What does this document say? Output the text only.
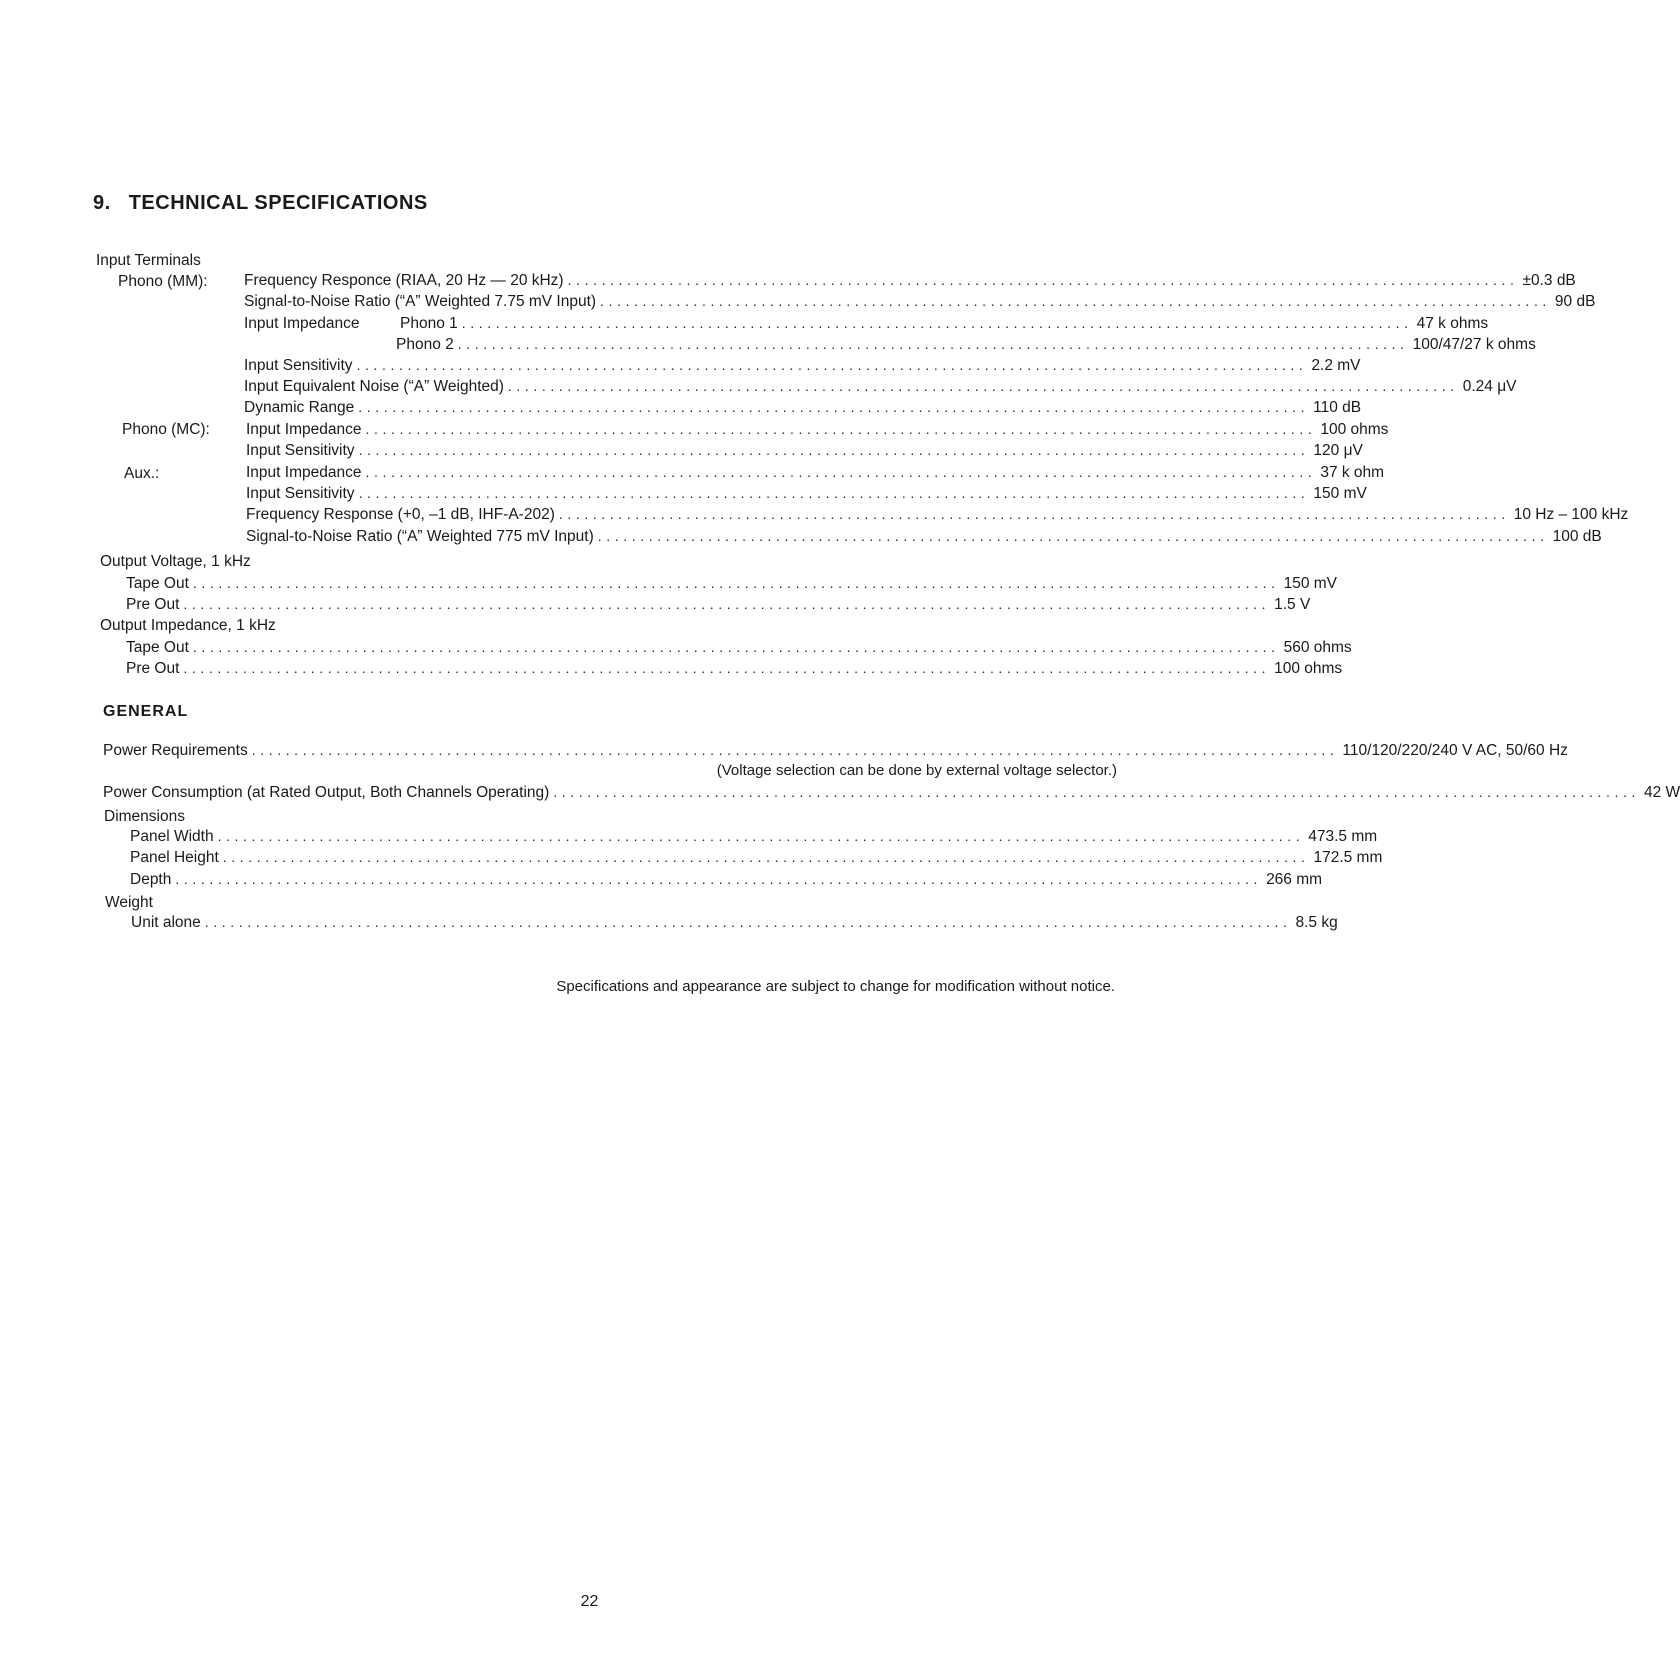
9. TECHNICAL SPECIFICATIONS
Input Terminals
Phono (MM): Frequency Responce (RIAA, 20 Hz — 20 kHz) ................................................................................................................ ±0.3 dB
Signal-to-Noise Ratio (“A” Weighted 7.75 mV Input) ................................................................................................................ 90 dB
Input Impedance	Phono 1 ................................................................................................................ 47 k ohms
Phono 2 ................................................................................................................ 100/47/27 k ohms
Input Sensitivity ................................................................................................................ 2.2 mV
Input Equivalent Noise (“A” Weighted) ................................................................................................................ 0.24 μV
Dynamic Range ................................................................................................................ 110 dB
Phono (MC): Input Impedance ................................................................................................................ 100 ohms
Input Sensitivity ................................................................................................................ 120 μV
Aux.:	Input Impedance ................................................................................................................ 37 k ohm
Input Sensitivity ................................................................................................................ 150 mV
Frequency Response (+0, –1 dB, IHF-A-202) ................................................................................................................ 10 Hz – 100 kHz
Signal-to-Noise Ratio (“A” Weighted 775 mV Input) ................................................................................................................ 100 dB
Output Voltage, 1 kHz
Tape Out ................................................................................................................................ 150 mV
Pre Out ................................................................................................................................ 1.5 V
Output Impedance, 1 kHz
Tape Out ................................................................................................................................ 560 ohms
Pre Out ................................................................................................................................ 100 ohms
GENERAL
Power Requirements ................................................................................................................................ 110/120/220/240 V AC, 50/60 Hz
(Voltage selection can be done by external voltage selector.)
Power Consumption (at Rated Output, Both Channels Operating) ................................................................................................................................ 42 W
Dimensions
Panel Width ................................................................................................................................ 473.5 mm
Panel Height ................................................................................................................................ 172.5 mm
Depth ................................................................................................................................ 266 mm
Weight
Unit alone ................................................................................................................................ 8.5 kg
Specifications and appearance are subject to change for modification without notice.
22
